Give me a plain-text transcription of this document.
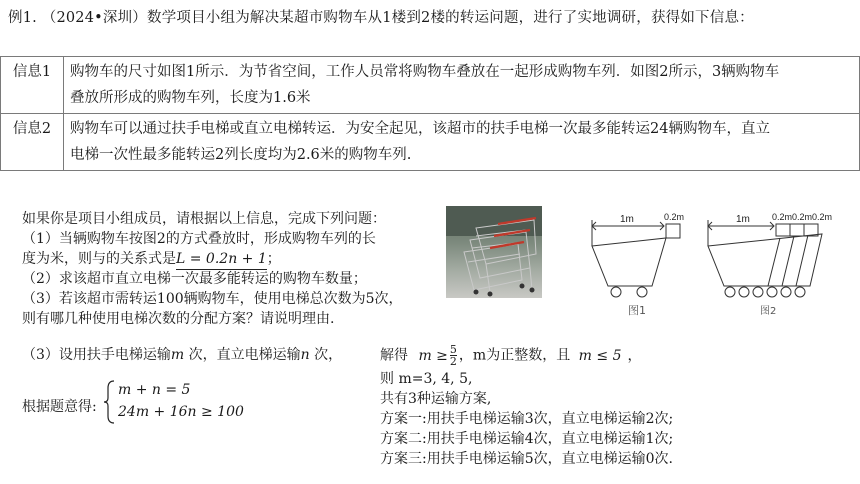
例1. （2024•深圳）数学项目小组为解决某超市购物车从1楼到2楼的转运问题，进行了实地调研，获得如下信息：
信息1	购物车的尺寸如图1所示．为节省空间，工作人员常将购物车叠放在一起形成购物车列．如图2所示，3辆购物车
叠放所形成的购物车列，长度为1.6米

信息2	购物车可以通过扶手电梯或直立电梯转运．为安全起见，该超市的扶手电梯一次最多能转运24辆购物车，直立
电梯一次性最多能转运2列长度均为2.6米的购物车列.
如果你是项目小组成员，请根据以上信息，完成下列问题：
（1）当辆购物车按图2的方式叠放时，形成购物车列的长
度为米，则与的关系式是L = 0.2n + 1；
（2）求该超市直立电梯一次最多能转运的购物车数量；
（3）若该超市需转运100辆购物车，使用电梯总次数为5次，
则有哪几种使用电梯次数的分配方案？请说明理由.
1m	0.2m
图1
1m 0.2m0.2m0.2m
图2
（3）设用扶手电梯运输m 次，直立电梯运输n 次，
根据题意得:
m + n = 5
24m + 16n ≥ 100
解得 $m \ge \frac{5}{2}$ ，m为正整数，且 m ≤ 5 ，
则 m=3, 4, 5,
共有3种运输方案,
方案一:用扶手电梯运输3次，直立电梯运输2次;
方案二:用扶手电梯运输4次，直立电梯运输1次;
方案三:用扶手电梯运输5次，直立电梯运输0次.
